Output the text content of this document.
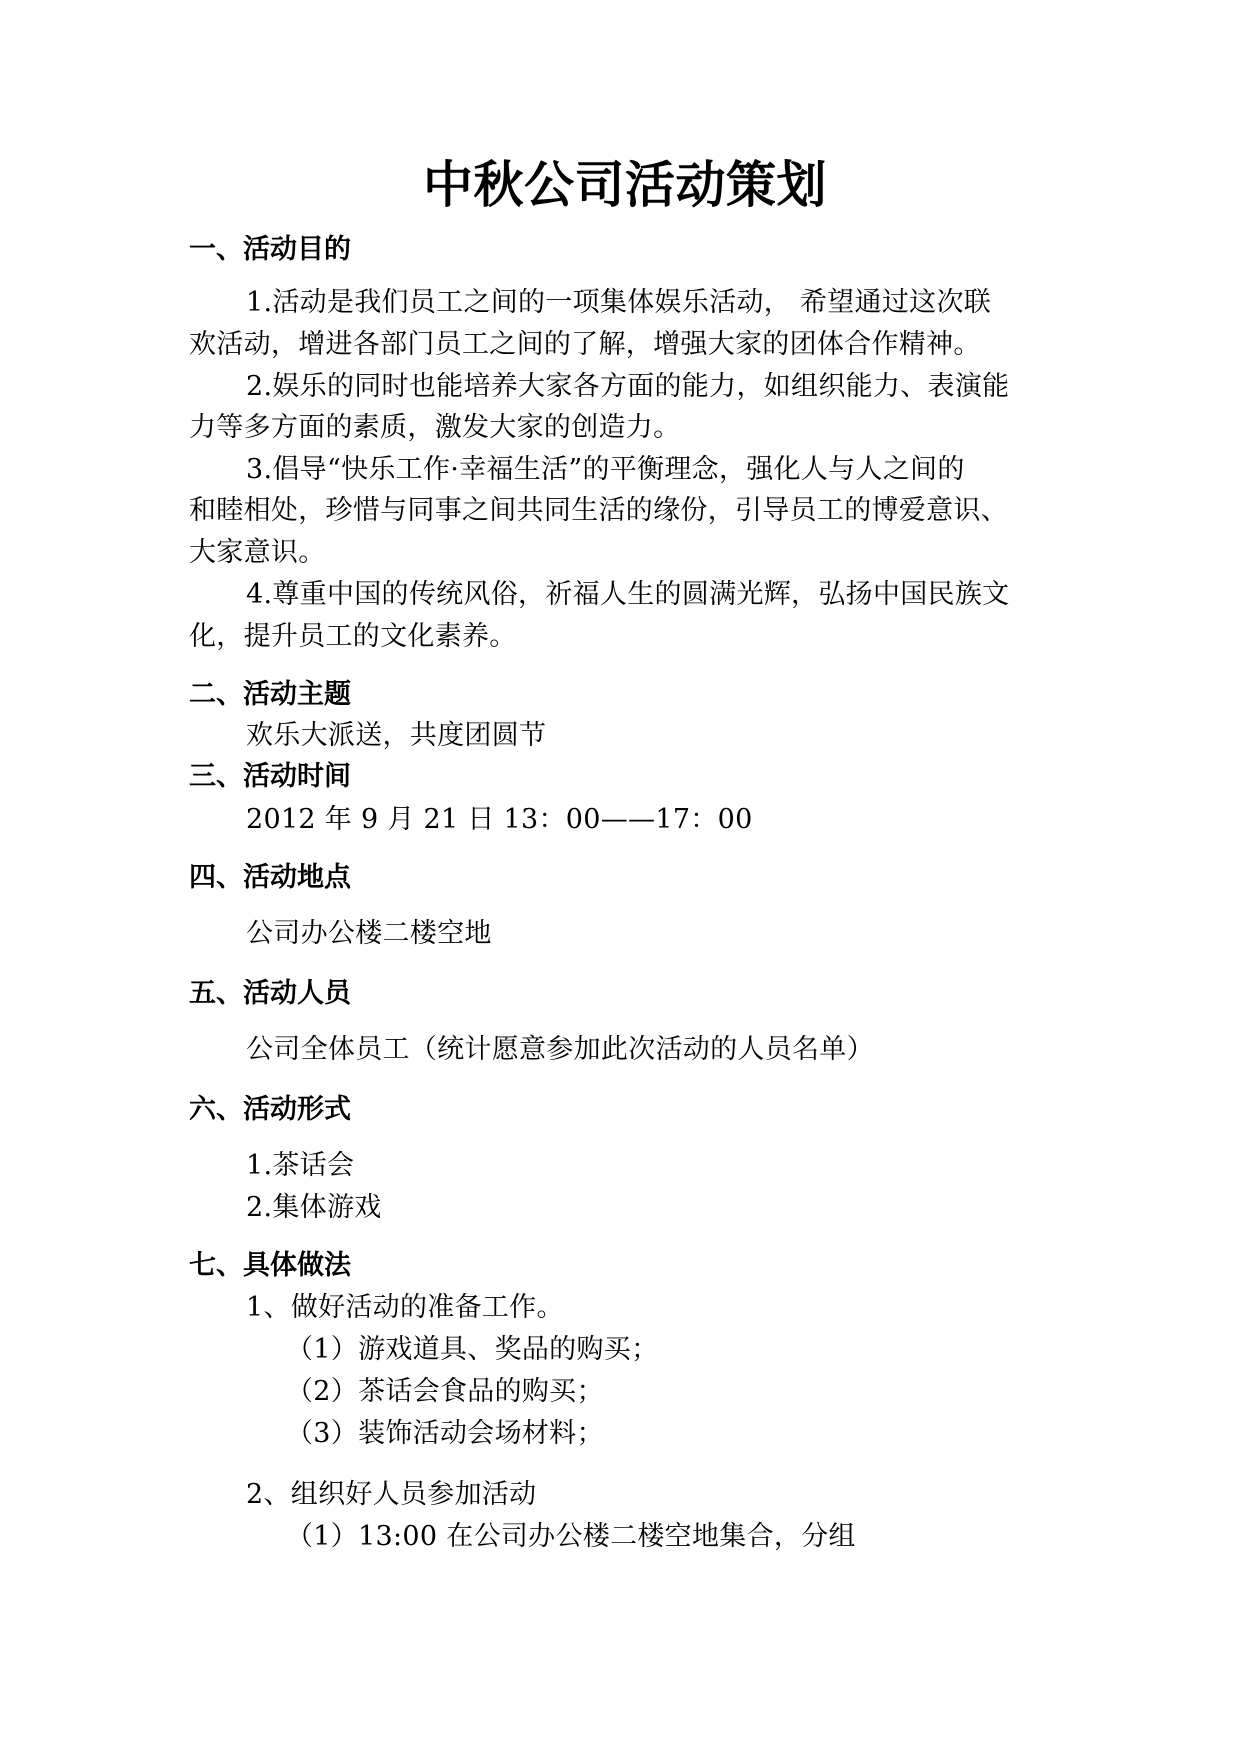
中秋公司活动策划
一、活动目的
1.活动是我们员工之间的一项集体娱乐活动， 希望通过这次联
欢活动，增进各部门员工之间的了解，增强大家的团体合作精神。
2.娱乐的同时也能培养大家各方面的能力，如组织能力、表演能
力等多方面的素质，激发大家的创造力。
3.倡导“快乐工作·幸福生活”的平衡理念，强化人与人之间的
和睦相处，珍惜与同事之间共同生活的缘份，引导员工的博爱意识、
大家意识。
4.尊重中国的传统风俗，祈福人生的圆满光辉，弘扬中国民族文
化，提升员工的文化素养。
二、活动主题
欢乐大派送，共度团圆节
三、活动时间
2012 年 9 月 21 日 13：00——17：00
四、活动地点
公司办公楼二楼空地
五、活动人员
公司全体员工（统计愿意参加此次活动的人员名单）
六、活动形式
1.茶话会
2.集体游戏
七、具体做法
1、做好活动的准备工作。
（1）游戏道具、奖品的购买；
（2）茶话会食品的购买；
（3）装饰活动会场材料；
2、组织好人员参加活动
（1）13:00 在公司办公楼二楼空地集合，分组
